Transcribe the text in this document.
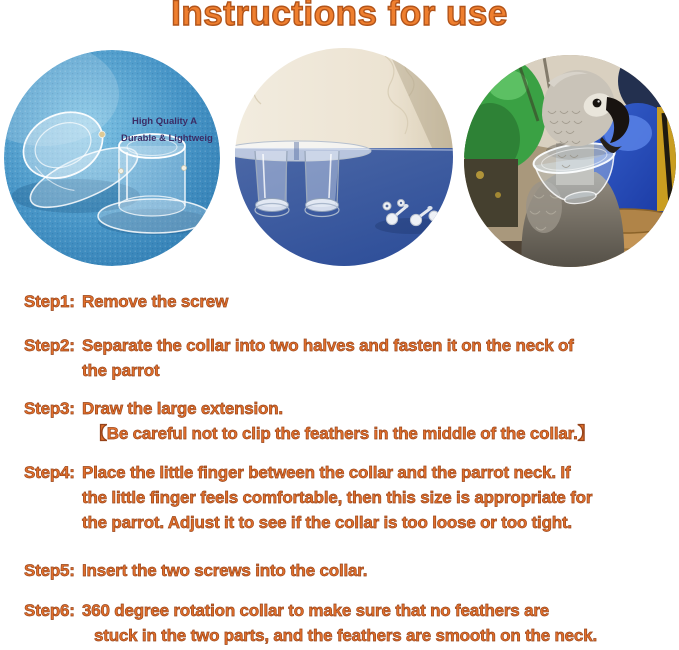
Instructions for use
High Quality A
Durable & Lightweig
Step1: Remove the screw
Step2: Separate the collar into two halves and fasten it on the neck of
the parrot
Step3: Draw the large extension.
【Be careful not to clip the feathers in the middle of the collar.】
Step4: Place the little finger between the collar and the parrot neck. If
the little finger feels comfortable, then this size is appropriate for
the parrot. Adjust it to see if the collar is too loose or too tight.
Step5: Insert the two screws into the collar.
Step6: 360 degree rotation collar to make sure that no feathers are
stuck in the two parts, and the feathers are smooth on the neck.
